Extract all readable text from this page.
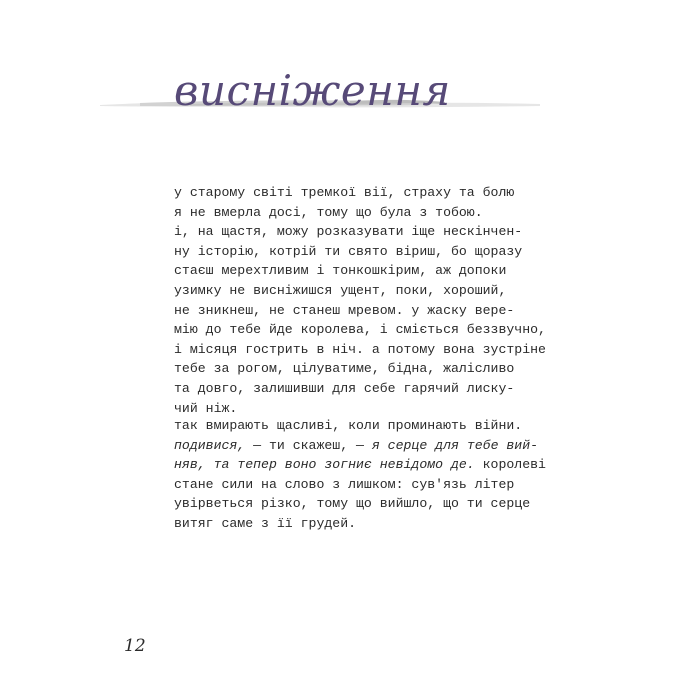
висніження
у старому світі тремкої вії, страху та болю
я не вмерла досі, тому що була з тобою.
і, на щастя, можу розказувати іще нескінчен-
ну історію, котрій ти свято віриш, бо щоразу
стаєш мерехтливим і тонкошкірим, аж допоки
узимку не висніжишся ущент, поки, хороший,
не зникнеш, не станеш мревом. у жаску вере-
мію до тебе йде королева, і сміється беззвучно,
і місяця гострить в ніч. а потому вона зустріне
тебе за рогом, цілуватиме, бідна, жалісливо
та довго, залишивши для себе гарячий лиску-
чий ніж.
так вмирають щасливі, коли проминають війни.
подивися, — ти скажеш, — я серце для тебе вий-
няв, та тепер воно зогниє невідомо де. королеві
стане сили на слово з лишком: сув'язь літер
увірветься різко, тому що вийшло, що ти серце
витяг саме з її грудей.
12
